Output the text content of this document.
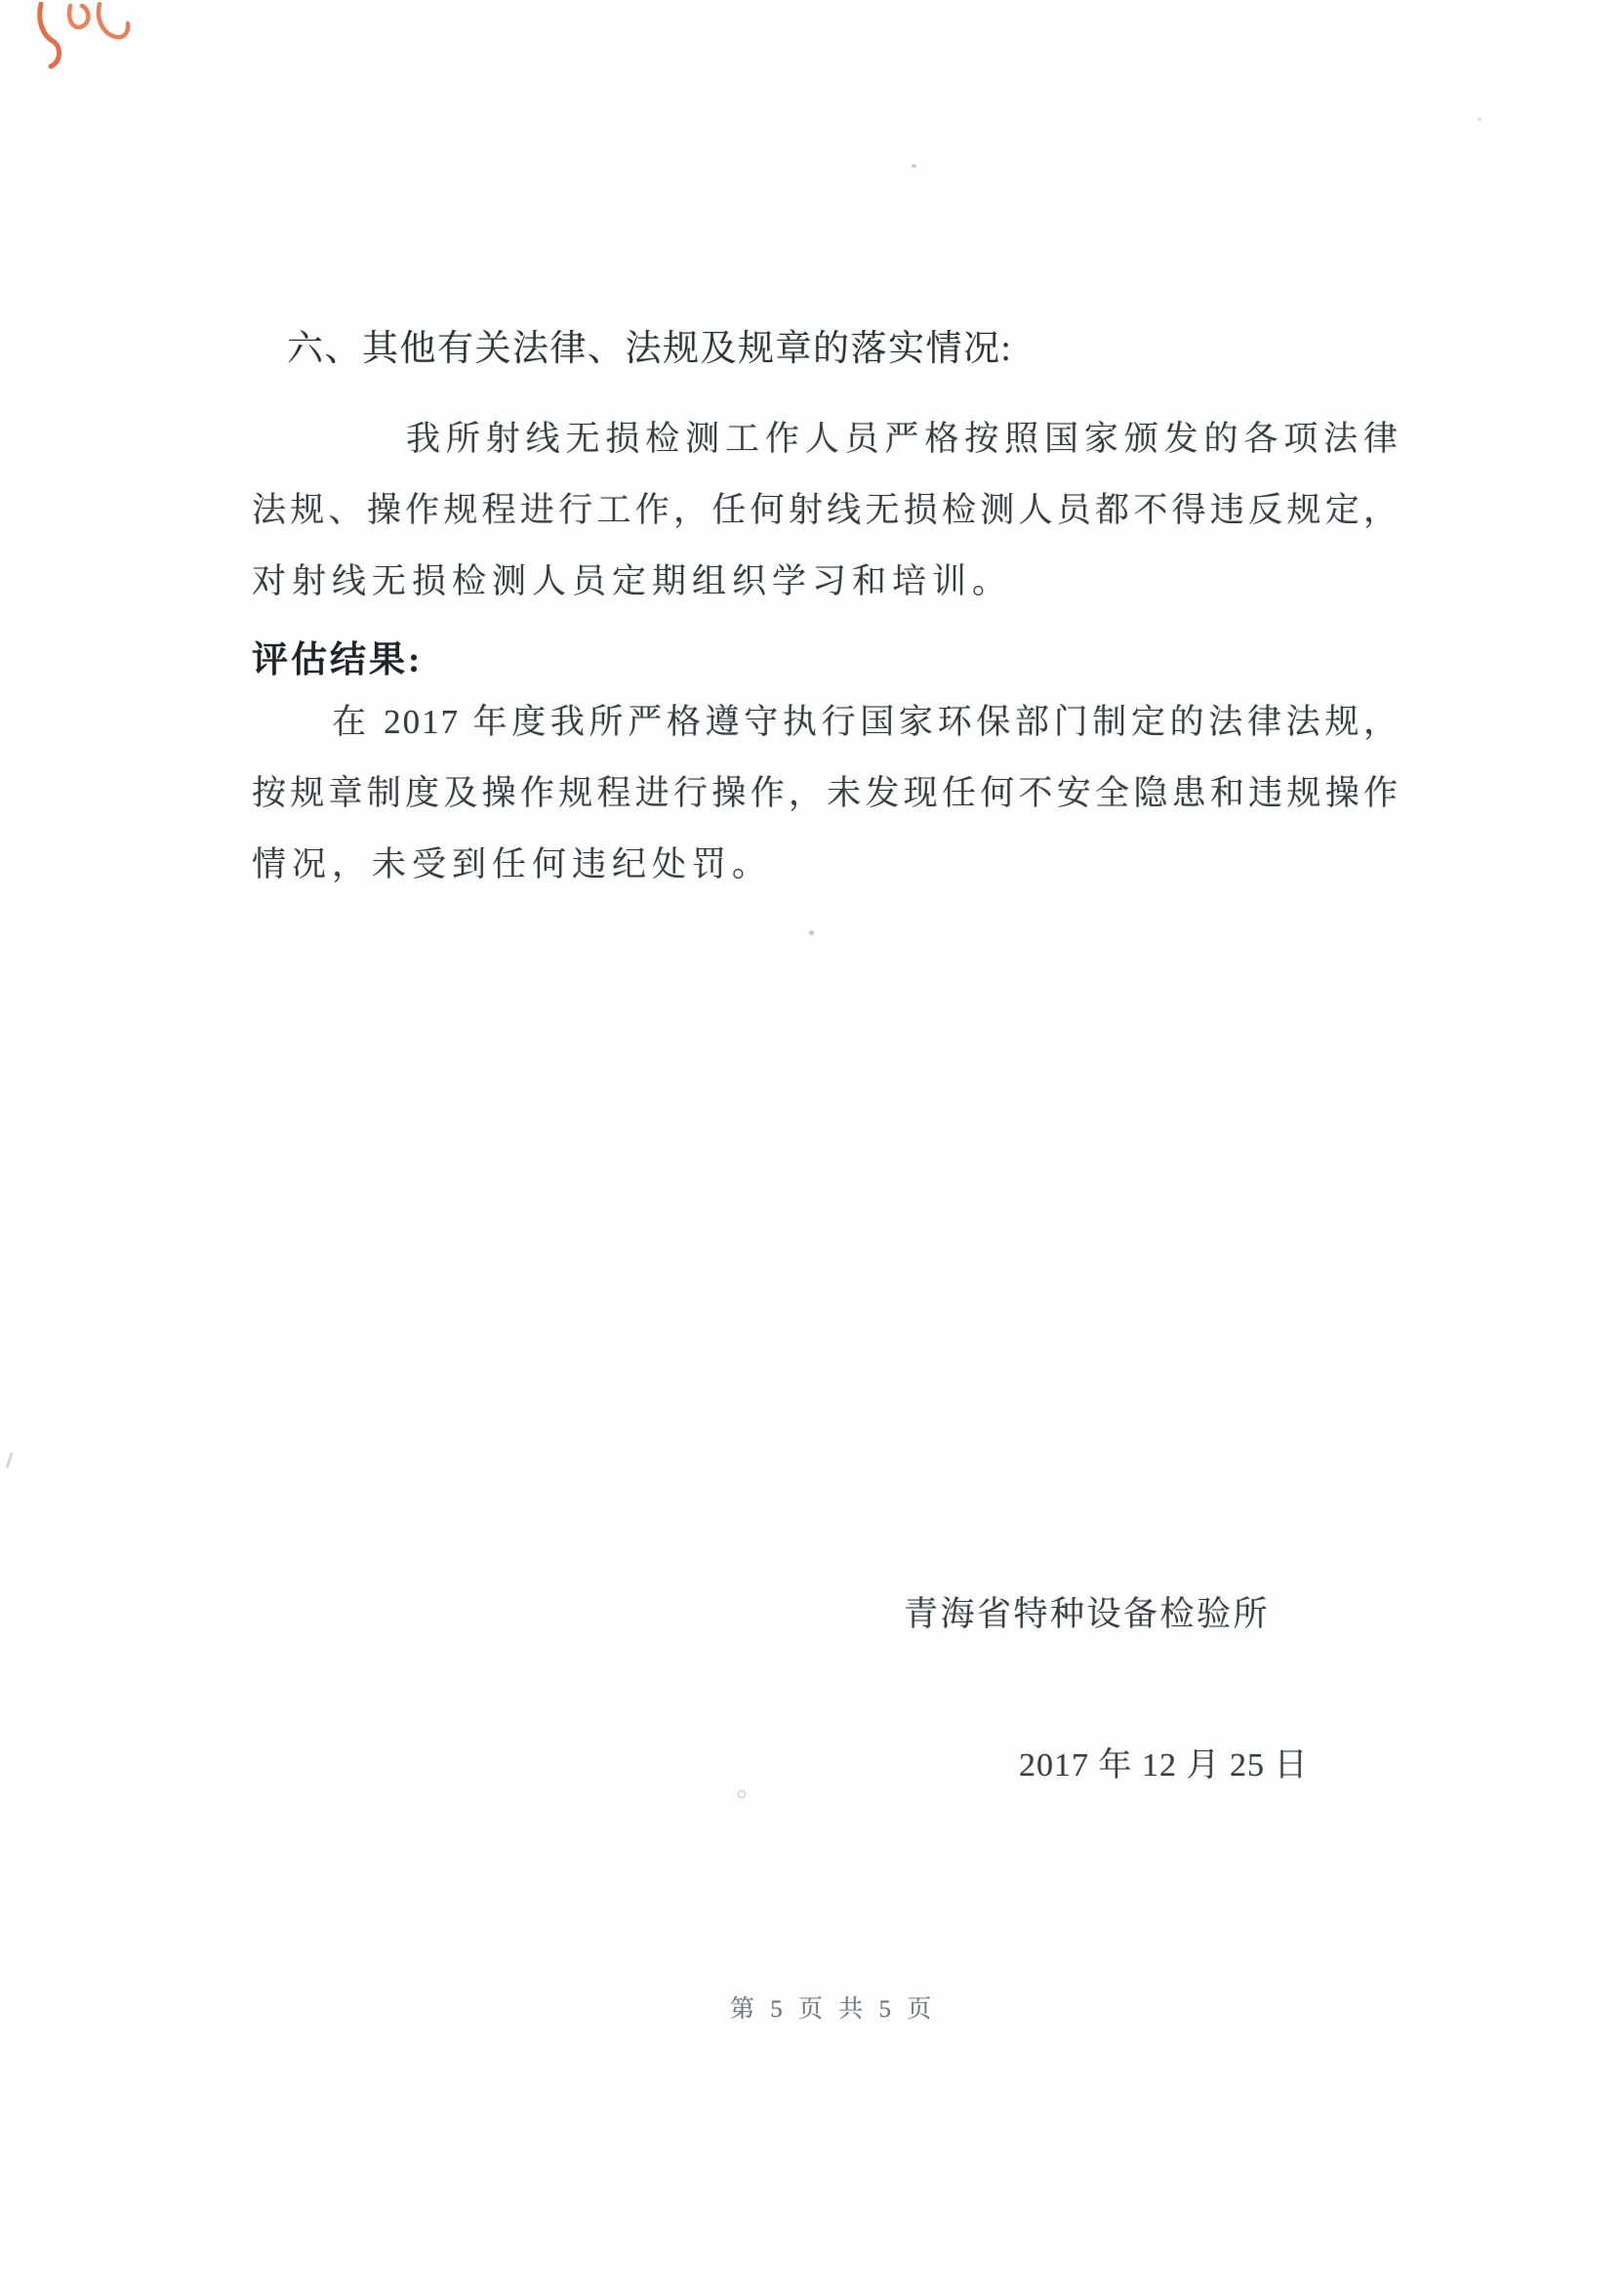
六、其他有关法律、法规及规章的落实情况:
我所射线无损检测工作人员严格按照国家颁发的各项法律
法规、操作规程进行工作，任何射线无损检测人员都不得违反规定，
对射线无损检测人员定期组织学习和培训。
评估结果:
在 2017 年度我所严格遵守执行国家环保部门制定的法律法规，
按规章制度及操作规程进行操作，未发现任何不安全隐患和违规操作
情况，未受到任何违纪处罚。
青海省特种设备检验所
2017 年 12 月 25 日
第 5 页 共 5 页
